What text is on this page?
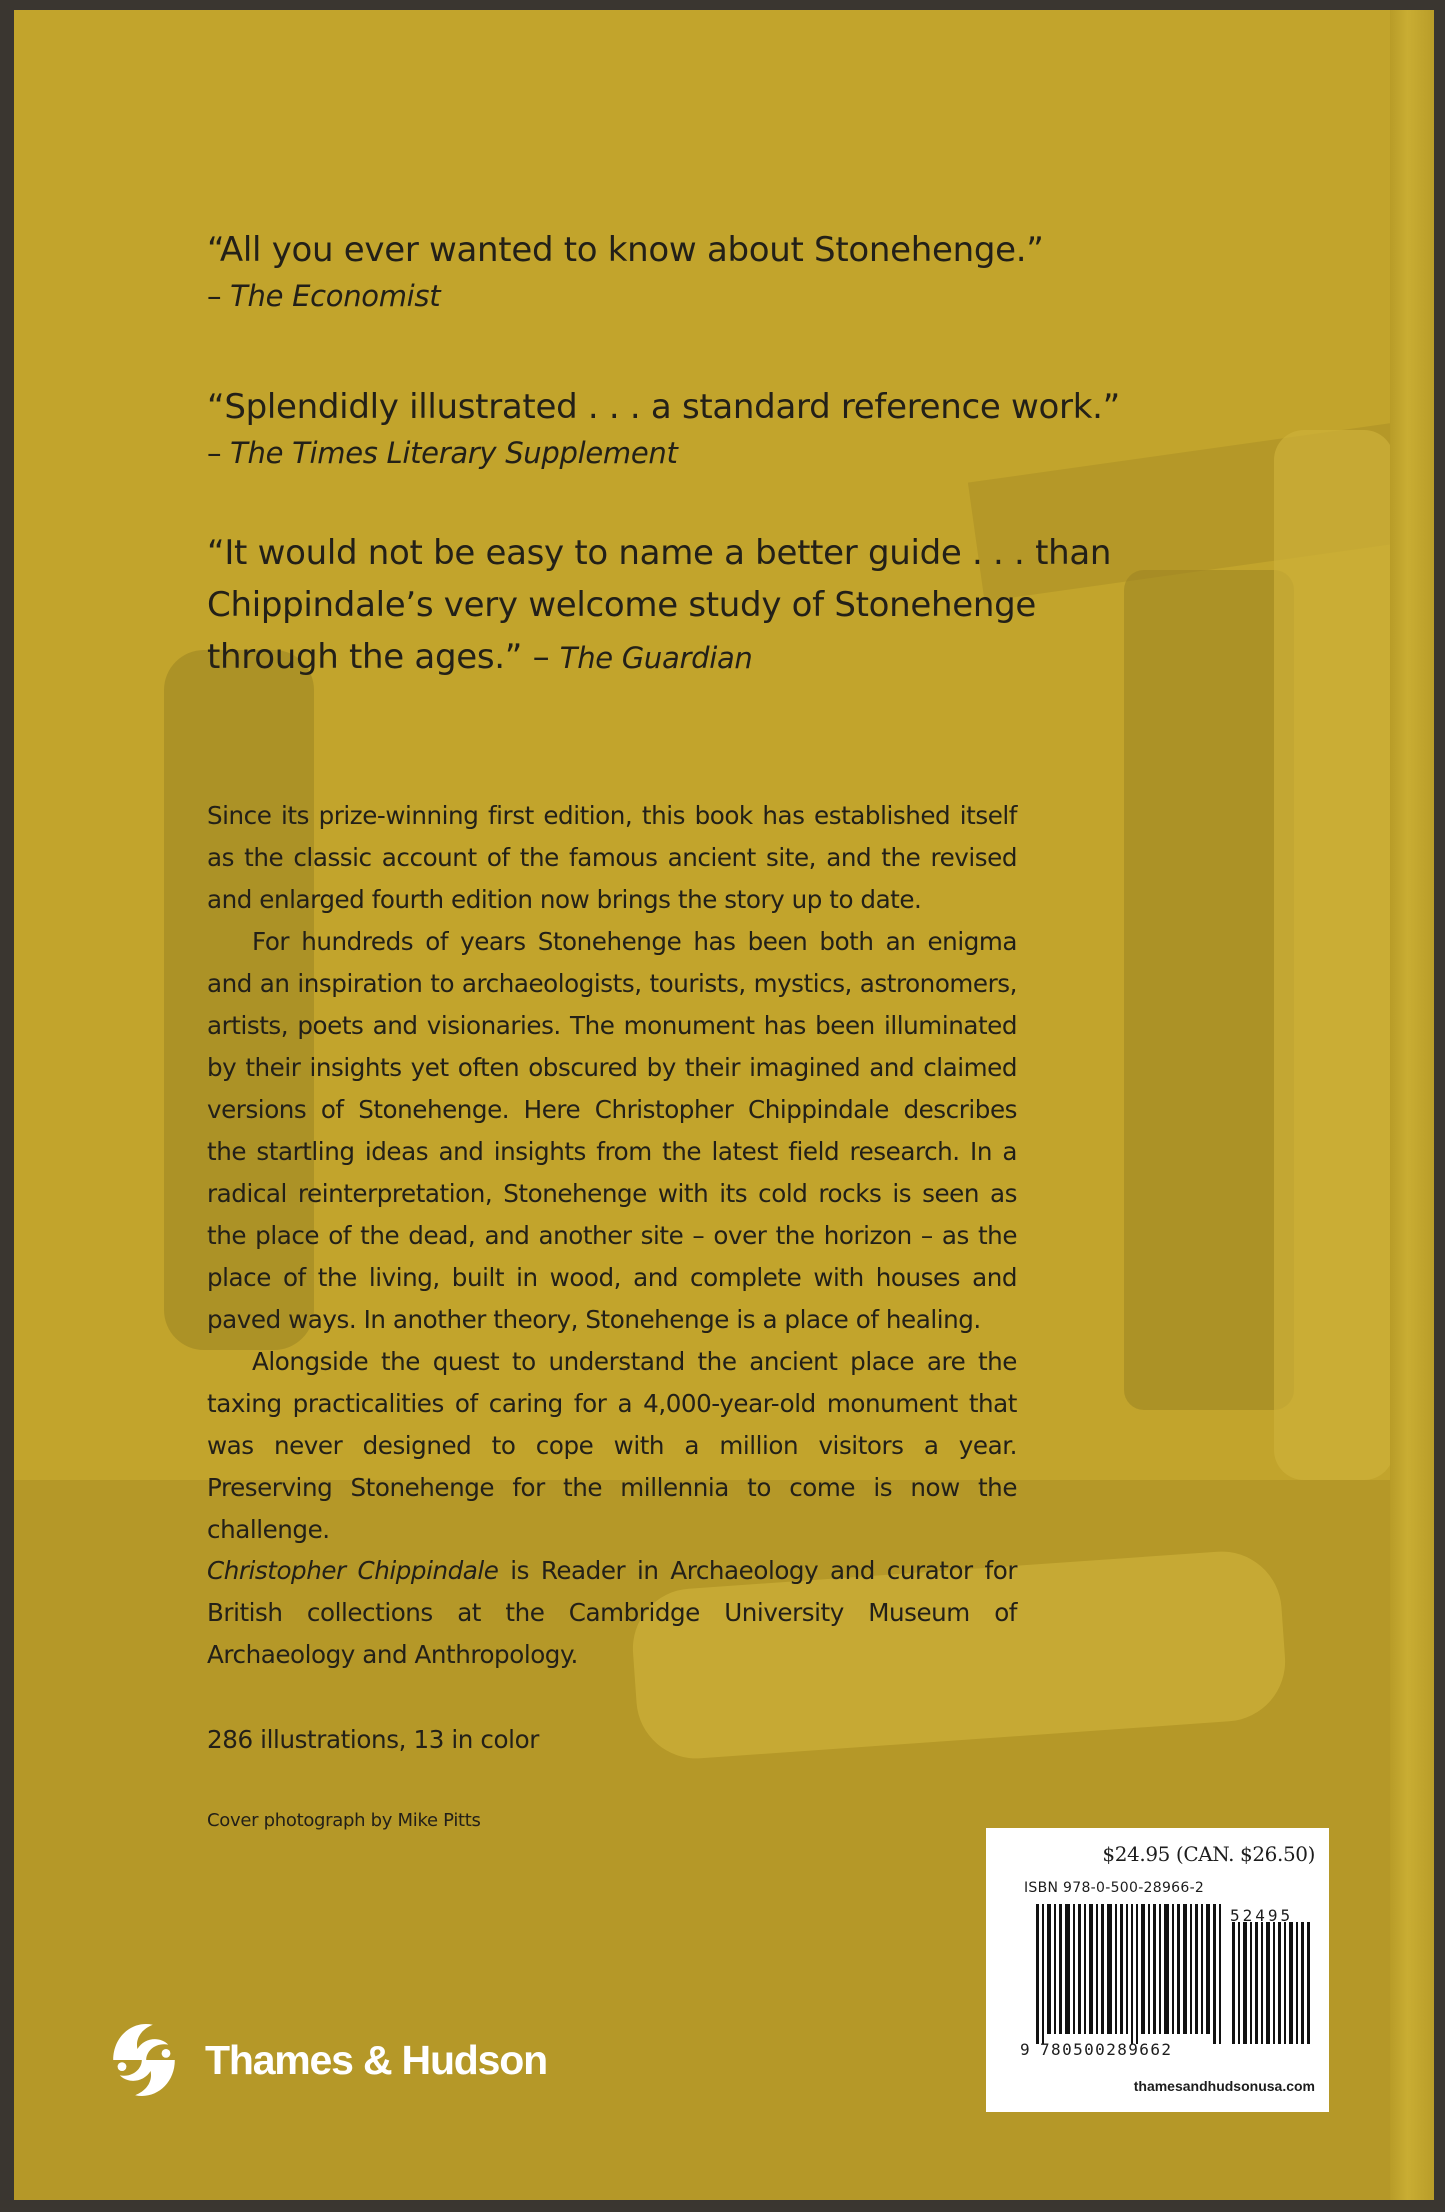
“All you ever wanted to know about Stonehenge.”
– The Economist
“Splendidly illustrated . . . a standard reference work.”
– The Times Literary Supplement
“It would not be easy to name a better guide . . . than
Chippindale’s very welcome study of Stonehenge
through the ages.” – The Guardian

Since its prize-winning first edition, this book has established itself as the classic account of the famous ancient site, and the revised and enlarged fourth edition now brings the story up to date.

For hundreds of years Stonehenge has been both an enigma and an inspiration to archaeologists, tourists, mystics, astronomers, artists, poets and visionaries. The monument has been illuminated by their insights yet often obscured by their imagined and claimed versions of Stonehenge. Here Christopher Chippindale describes the startling ideas and insights from the latest field research. In a radical reinterpretation, Stonehenge with its cold rocks is seen as the place of the dead, and another site – over the horizon – as the place of the living, built in wood, and complete with houses and paved ways. In another theory, Stonehenge is a place of healing.

Alongside the quest to understand the ancient place are the taxing practicalities of caring for a 4,000-year-old monument that was never designed to cope with a million visitors a year. Preserving Stonehenge for the millennia to come is now the challenge.

Christopher Chippindale is Reader in Archaeology and curator for British collections at the Cambridge University Museum of Archaeology and Anthropology.

286 illustrations, 13 in color
Cover photograph by Mike Pitts
Thames & Hudson
$24.95 (CAN. $26.50)
ISBN 978-0-500-28966-2
52495
9 780500289662
thamesandhudsonusa.com
